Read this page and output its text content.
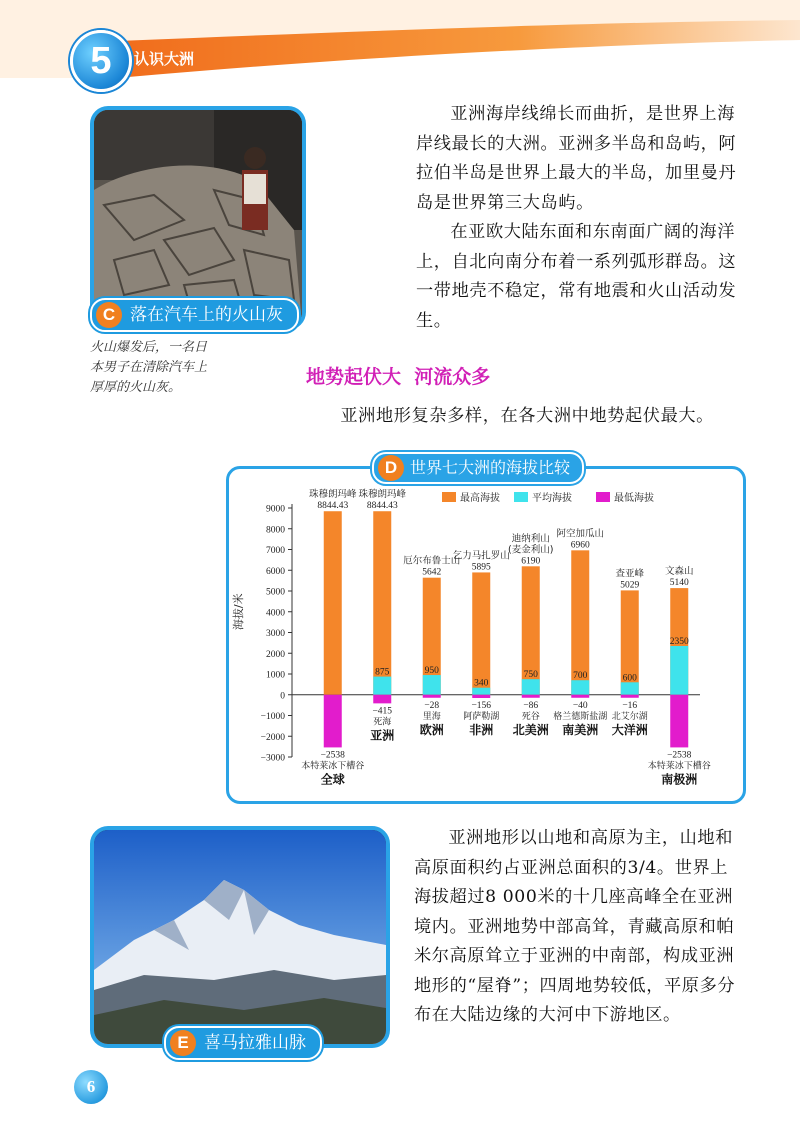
5	认识大洲
C 落在汽车上的火山灰
火山爆发后，一名日
本男子在清除汽车上
厚厚的火山灰。

亚洲海岸线绵长而曲折，是世界上海岸线最长的大洲。亚洲多半岛和岛屿，阿拉伯半岛是世界上最大的半岛，加里曼丹岛是世界第三大岛屿。

在亚欧大陆东面和东南面广阔的海洋上，自北向南分布着一系列弧形群岛。这一带地壳不稳定，常有地震和火山活动发生。

地势起伏大  河流众多

亚洲地形复杂多样，在各大洲中地势起伏最大。

9000
8000
7000
6000
5000
4000
3000
2000
1000
0
−1000
−2000
−3000
海拔/米
最高海拔	平均海拔	最低海拔
珠穆朗玛峰
8844.43
−2538
本特莱冰下槽谷
全球
875
珠穆朗玛峰
8844.43
−415
死海
亚洲
950
厄尔布鲁士山
5642
−28
里海
欧洲
340
乞力马扎罗山
5895
−156
阿萨勒湖
非洲
750
迪纳利山
(麦金利山)
6190
−86
死谷
北美洲
700
阿空加瓜山
6960
−40
格兰德斯盐湖
南美洲
600
查亚峰
5029
−16
北艾尔湖
大洋洲
2350
文森山
5140
−2538
本特莱冰下槽谷
南极洲
D 世界七大洲的海拔比较
E 喜马拉雅山脉

亚洲地形以山地和高原为主，山地和高原面积约占亚洲总面积的3/4。世界上海拔超过8 000米的十几座高峰全在亚洲境内。亚洲地势中部高耸，青藏高原和帕米尔高原耸立于亚洲的中南部，构成亚洲地形的“屋脊”；四周地势较低，平原多分布在大陆边缘的大河中下游地区。

6
